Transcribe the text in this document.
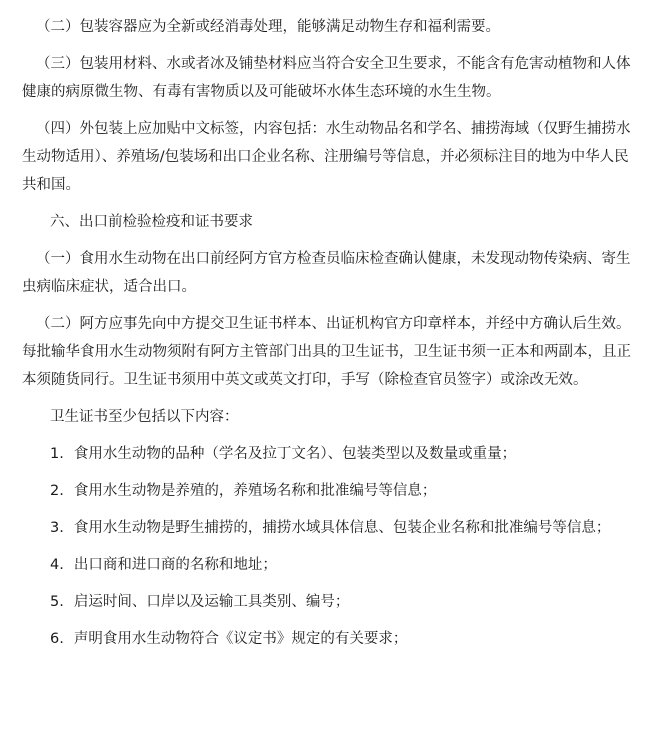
（二）包装容器应为全新或经消毒处理，能够满足动物生存和福利需要。

（三）包装用材料、水或者冰及铺垫材料应当符合安全卫生要求，不能含有危害动植物和人体健康的病原微生物、有毒有害物质以及可能破坏水体生态环境的水生生物。

（四）外包装上应加贴中文标签，内容包括：水生动物品名和学名、捕捞海域（仅野生捕捞水生动物适用）、养殖场/包装场和出口企业名称、注册编号等信息，并必须标注目的地为中华人民共和国。

六、出口前检验检疫和证书要求

（一）食用水生动物在出口前经阿方官方检查员临床检查确认健康，未发现动物传染病、寄生虫病临床症状，适合出口。

（二）阿方应事先向中方提交卫生证书样本、出证机构官方印章样本，并经中方确认后生效。每批输华食用水生动物须附有阿方主管部门出具的卫生证书，卫生证书须一正本和两副本，且正本须随货同行。卫生证书须用中英文或英文打印，手写（除检查官员签字）或涂改无效。

卫生证书至少包括以下内容：

1. 食用水生动物的品种（学名及拉丁文名）、包装类型以及数量或重量；

2. 食用水生动物是养殖的，养殖场名称和批准编号等信息；

3. 食用水生动物是野生捕捞的，捕捞水域具体信息、包装企业名称和批准编号等信息；

4. 出口商和进口商的名称和地址；

5. 启运时间、口岸以及运输工具类别、编号；

6. 声明食用水生动物符合《议定书》规定的有关要求；
